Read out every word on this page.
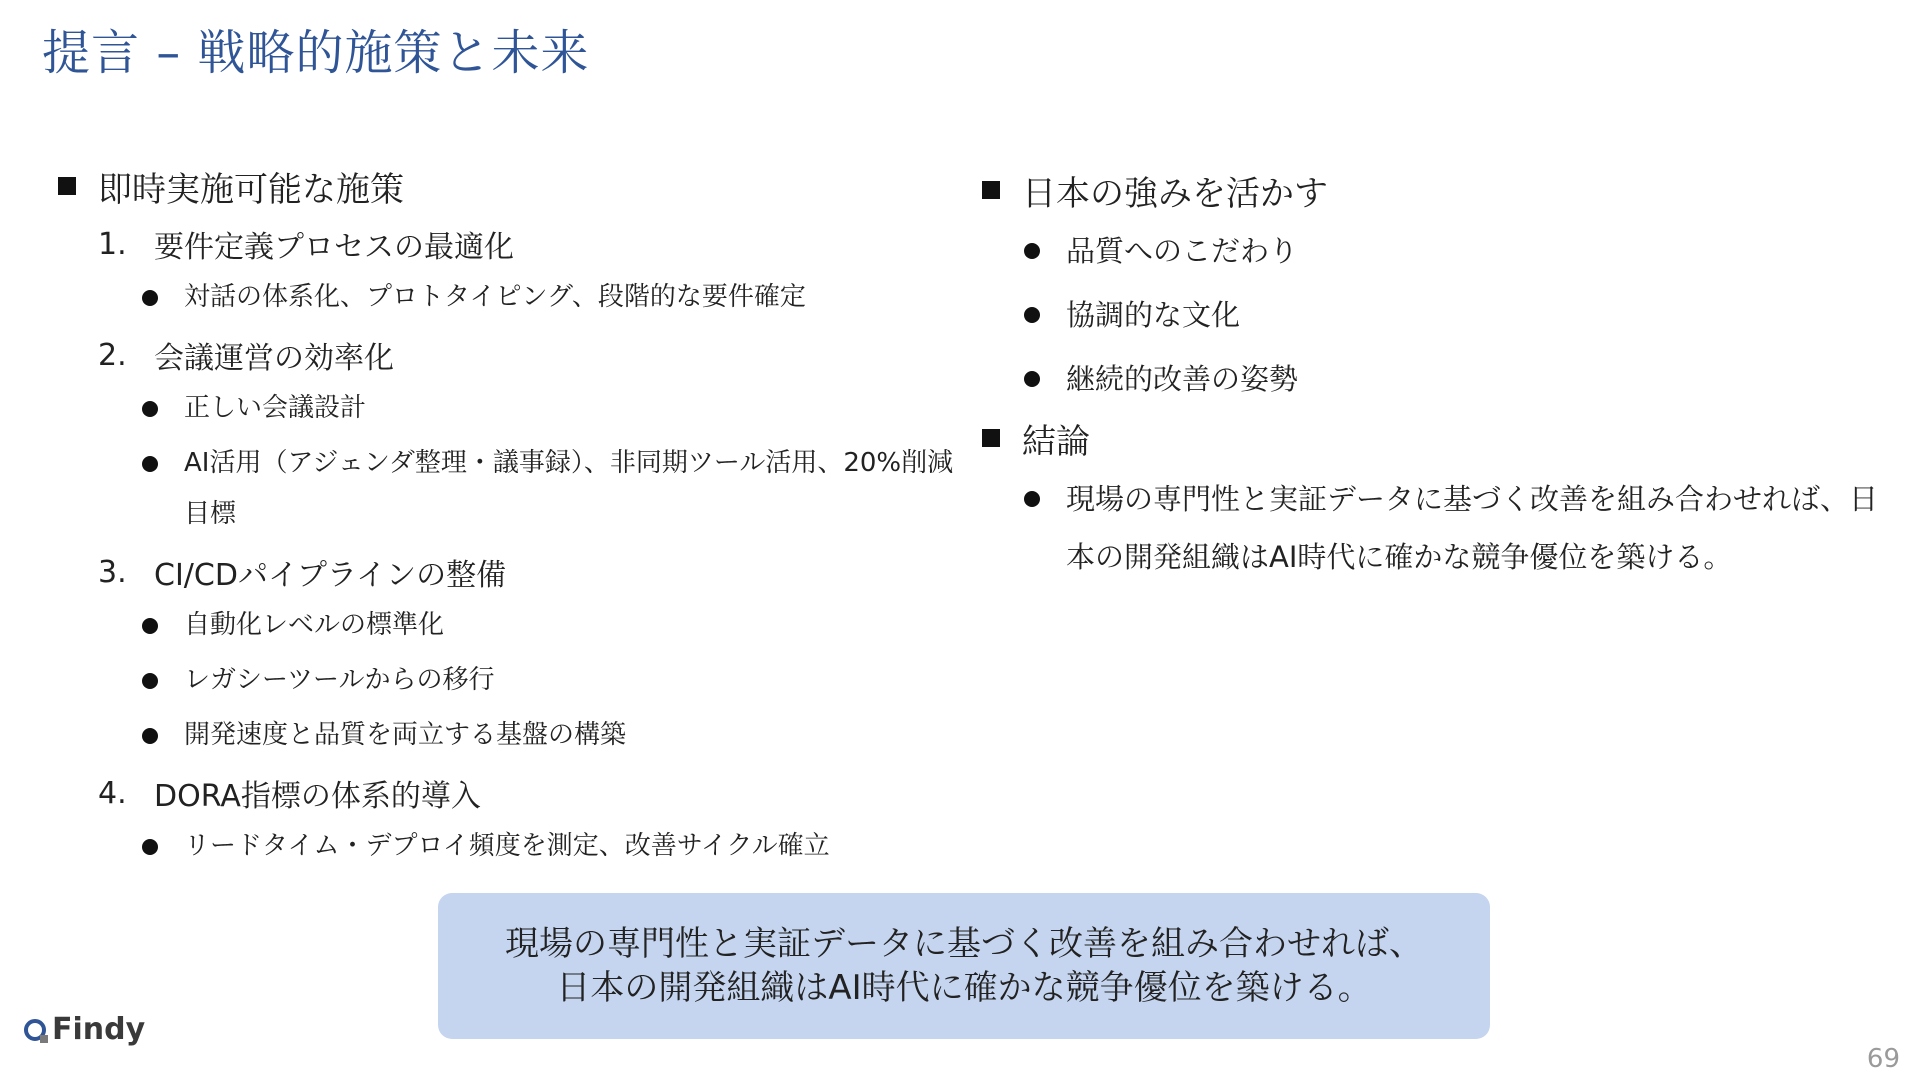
提言 – 戦略的施策と未来
即時実施可能な施策
1. 要件定義プロセスの最適化
対話の体系化、プロトタイピング、段階的な要件確定
2. 会議運営の効率化
正しい会議設計
AI活用（アジェンダ整理・議事録）、非同期ツール活用、20%削減目標
3. CI/CDパイプラインの整備
自動化レベルの標準化
レガシーツールからの移行
開発速度と品質を両立する基盤の構築
4. DORA指標の体系的導入
リードタイム・デプロイ頻度を測定、改善サイクル確立
日本の強みを活かす
品質へのこだわり
協調的な文化
継続的改善の姿勢
結論
現場の専門性と実証データに基づく改善を組み合わせれば、日本の開発組織はAI時代に確かな競争優位を築ける。
現場の専門性と実証データに基づく改善を組み合わせれば、
日本の開発組織はAI時代に確かな競争優位を築ける。
Findy
69
